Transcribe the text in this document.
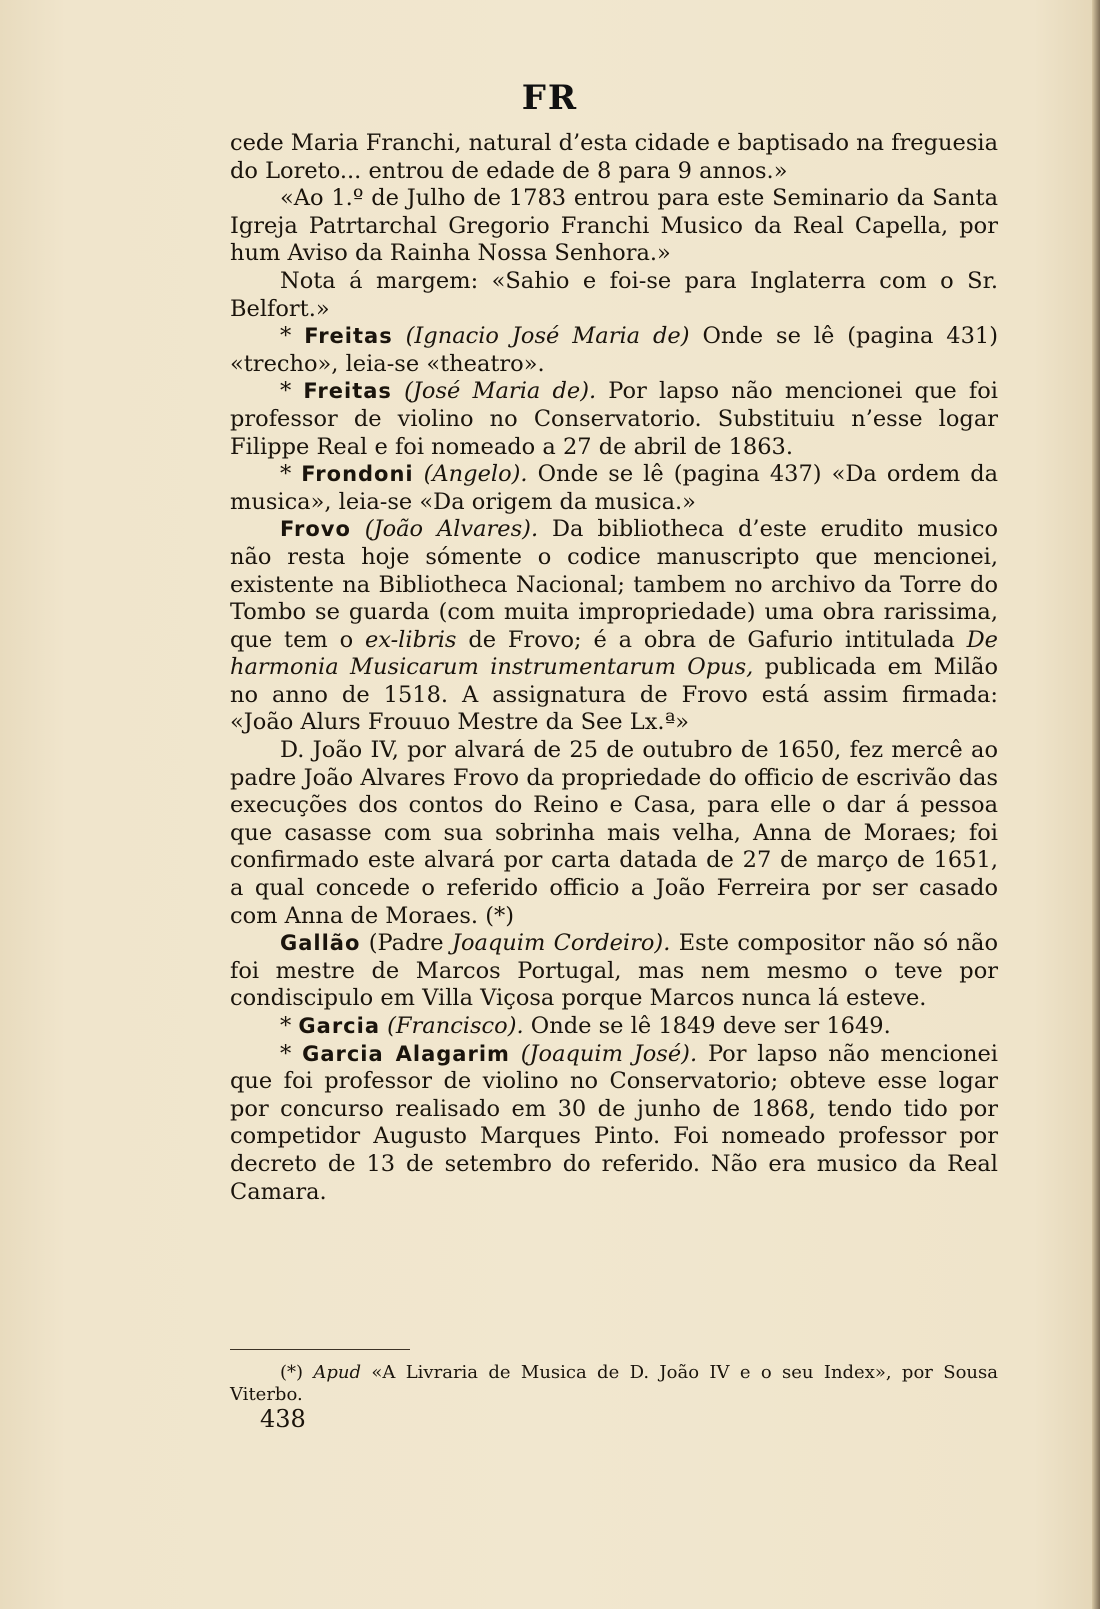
FR

cede Maria Franchi, natural d’esta cidade e baptisado na freguesia do Loreto... entrou de edade de 8 para 9 annos.»

«Ao 1.º de Julho de 1783 entrou para este Seminario da Santa Igreja Patrtarchal Gregorio Franchi Musico da Real Capella, por hum Aviso da Rainha Nossa Senhora.»

Nota á margem: «Sahio e foi-se para Inglaterra com o Sr. Belfort.»

* Freitas (Ignacio José Maria de) Onde se lê (pagina 431) «trecho», leia-se «theatro».

* Freitas (José Maria de). Por lapso não mencionei que foi professor de violino no Conservatorio. Substituiu n’esse logar Filippe Real e foi nomeado a 27 de abril de 1863.

* Frondoni (Angelo). Onde se lê (pagina 437) «Da ordem da musica», leia-se «Da origem da musica.»

Frovo (João Alvares). Da bibliotheca d’este erudito musico não resta hoje sómente o codice manuscripto que mencionei, existente na Bibliotheca Nacional; tambem no archivo da Torre do Tombo se guarda (com muita impropriedade) uma obra rarissima, que tem o ex-libris de Frovo; é a obra de Gafurio intitulada De harmonia Musicarum instrumentarum Opus, publicada em Milão no anno de 1518. A assignatura de Frovo está assim firmada: «João Alurs Frouuo Mestre da See Lx.ª»

D. João IV, por alvará de 25 de outubro de 1650, fez mercê ao padre João Alvares Frovo da propriedade do officio de escrivão das execuções dos contos do Reino e Casa, para elle o dar á pessoa que casasse com sua sobrinha mais velha, Anna de Moraes; foi confirmado este alvará por carta datada de 27 de março de 1651, a qual concede o referido officio a João Ferreira por ser casado com Anna de Moraes. (*)

Gallão (Padre Joaquim Cordeiro). Este compositor não só não foi mestre de Marcos Portugal, mas nem mesmo o teve por condiscipulo em Villa Viçosa porque Marcos nunca lá esteve.

* Garcia (Francisco). Onde se lê 1849 deve ser 1649.

* Garcia Alagarim (Joaquim José). Por lapso não mencionei que foi professor de violino no Conservatorio; obteve esse logar por concurso realisado em 30 de junho de 1868, tendo tido por competidor Augusto Marques Pinto. Foi nomeado professor por decreto de 13 de setembro do referido. Não era musico da Real Camara.

(*) Apud «A Livraria de Musica de D. João IV e o seu Index», por Sousa Viterbo.

438
